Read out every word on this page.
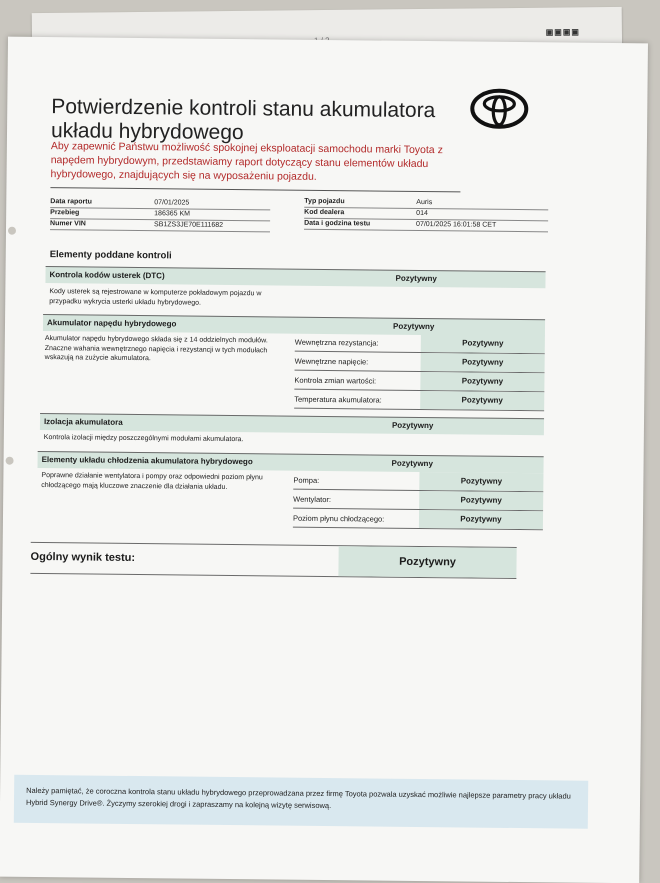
▣▣▣▣
Potwierdzenie kontroli stanu akumulatora układu hybrydowego
Aby zapewnić Państwu możliwość spokojnej eksploatacji samochodu marki Toyota z napędem hybrydowym, przedstawiamy raport dotyczący stanu elementów układu hybrydowego, znajdujących się na wyposażeniu pojazdu.
Data raportu	07/01/2025
Przebieg	186365 KM
Numer VIN	SB1ZS3JE70E111682
Typ pojazdu	Auris
Kod dealera	014
Data i godzina testu	07/01/2025 16:01:58 CET
Elementy poddane kontroli
Kontrola kodów usterek (DTC)	Pozytywny
Kody usterek są rejestrowane w komputerze pokładowym pojazdu w przypadku wykrycia usterki układu hybrydowego.
Akumulator napędu hybrydowego	Pozytywny
Akumulator napędu hybrydowego składa się z 14 oddzielnych modułów. Znaczne wahania wewnętrznego napięcia i rezystancji w tych modułach wskazują na zużycie akumulatora.
Wewnętrzna rezystancja:	Pozytywny
Wewnętrzne napięcie:	Pozytywny
Kontrola zmian wartości:	Pozytywny
Temperatura akumulatora:	Pozytywny
Izolacja akumulatora	Pozytywny
Kontrola izolacji między poszczególnymi modułami akumulatora.
Elementy układu chłodzenia akumulatora hybrydowego	Pozytywny
Poprawne działanie wentylatora i pompy oraz odpowiedni poziom płynu chłodzącego mają kluczowe znaczenie dla działania układu.
Pompa:	Pozytywny
Wentylator:	Pozytywny
Poziom płynu chłodzącego:	Pozytywny
Ogólny wynik testu:	Pozytywny
Należy pamiętać, że coroczna kontrola stanu układu hybrydowego przeprowadzana przez firmę Toyota pozwala uzyskać możliwie najlepsze parametry pracy układu Hybrid Synergy Drive®. Życzymy szerokiej drogi i zapraszamy na kolejną wizytę serwisową.
